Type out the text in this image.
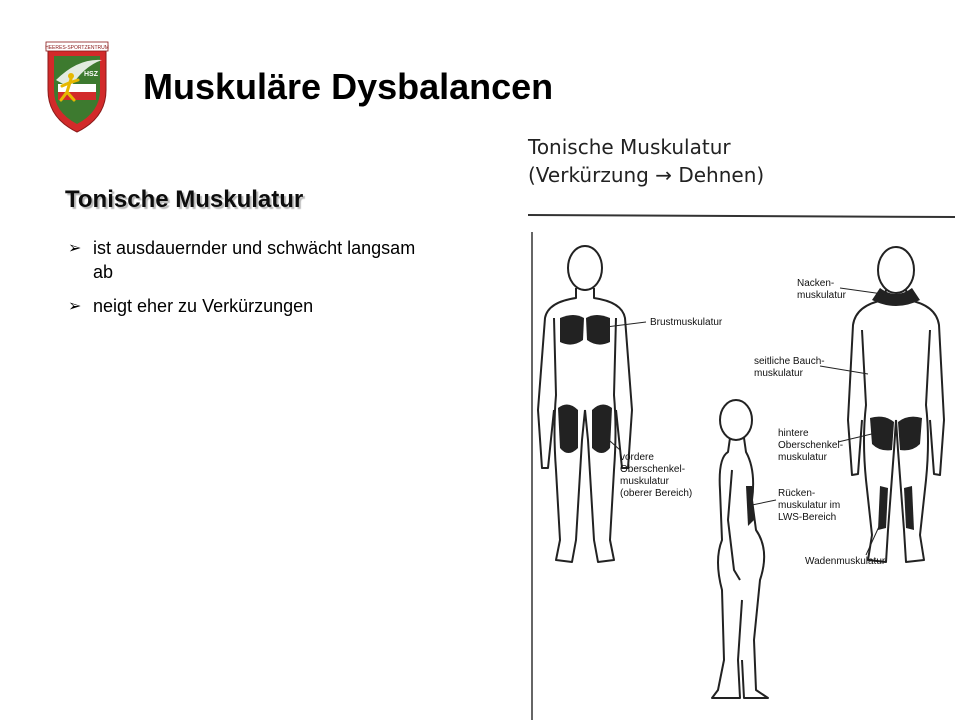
HEERES-SPORTZENTRUM
HSZ Muskuläre Dysbalancen
Tonische Muskulatur
➢ ist ausdauernder und schwächt langsam ab
➢ neigt eher zu Verkürzungen
Tonische Muskulatur
(Verkürzung → Dehnen)
Brustmuskulatur
Nacken-
muskulatur
seitliche Bauch-
muskulatur
vordere
Oberschenkel-
muskulatur
(oberer Bereich)
hintere
Oberschenkel-
muskulatur
Rücken-
muskulatur im
LWS-Bereich
Wadenmuskulatur
